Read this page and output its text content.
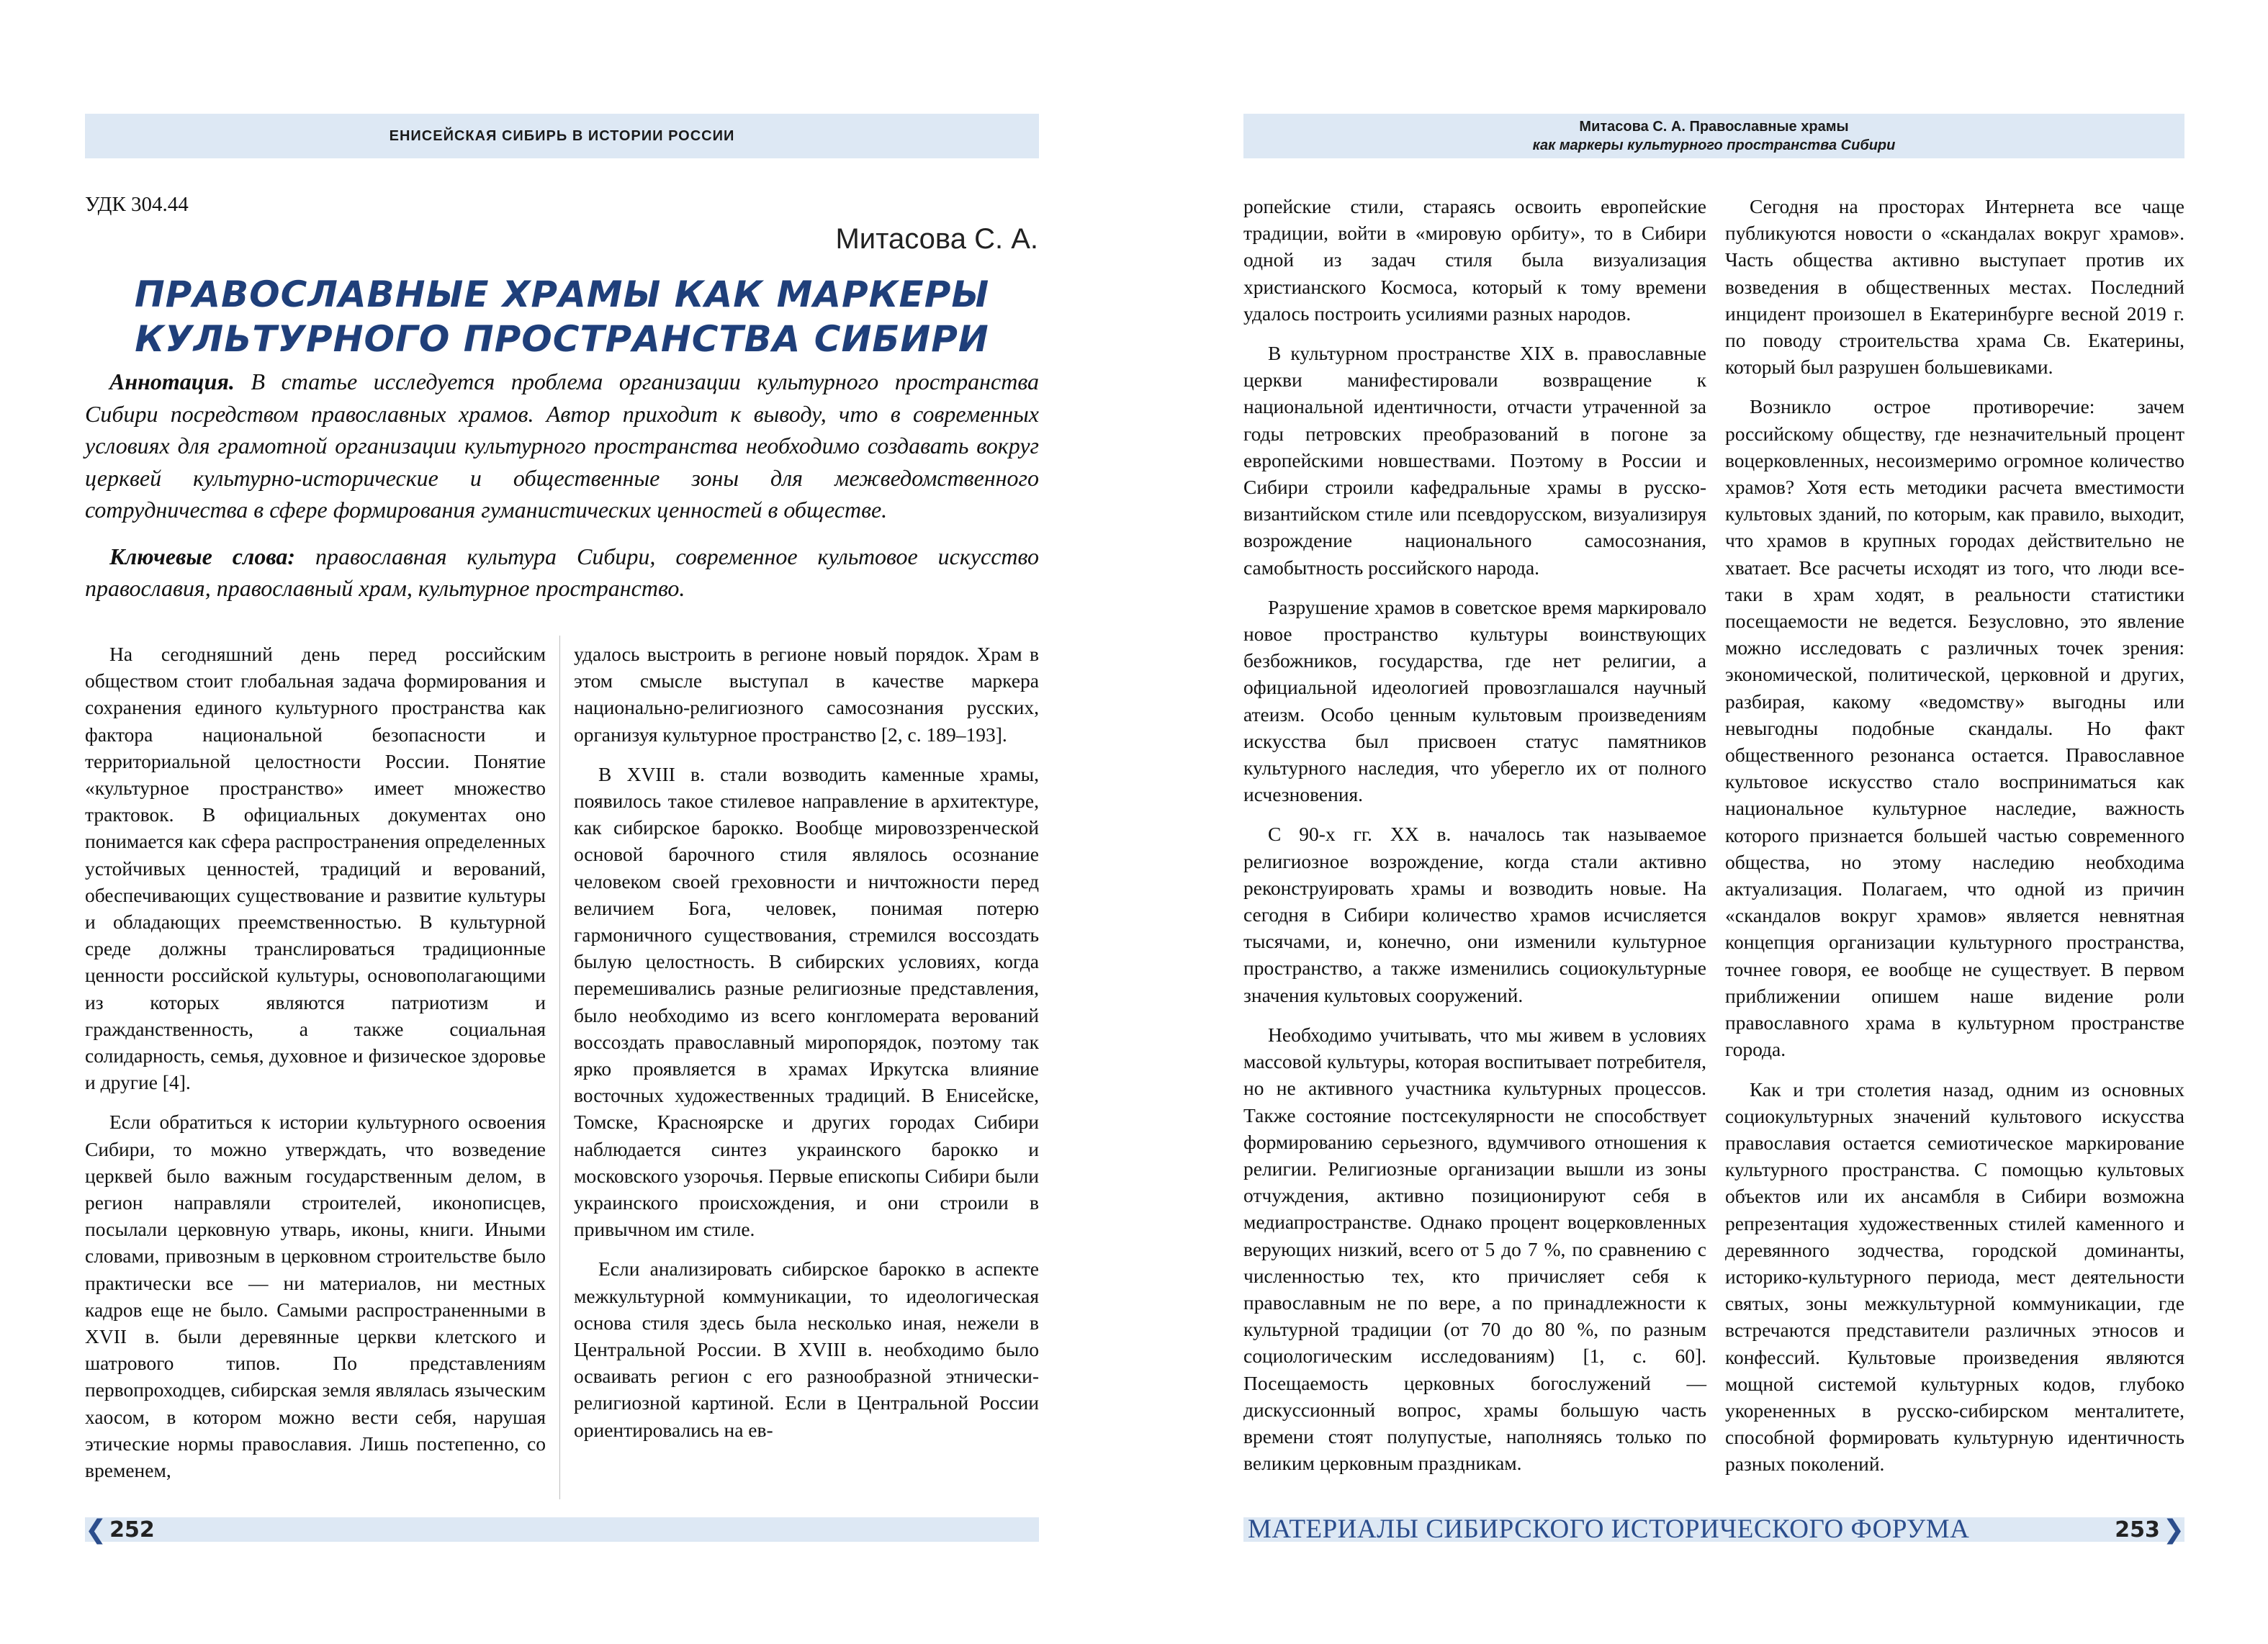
ЕНИСЕЙСКАЯ СИБИРЬ В ИСТОРИИ РОССИИ
УДК 304.44
Митасова С. А.
ПРАВОСЛАВНЫЕ ХРАМЫ КАК МАРКЕРЫ
КУЛЬТУРНОГО ПРОСТРАНСТВА СИБИРИ

Аннотация. В статье исследуется проблема организации культурного пространства Сибири посредством православных храмов. Автор приходит к выводу, что в современных условиях для грамотной организации культурного пространства необходимо создавать вокруг церквей культурно-исторические и общественные зоны для межведомственного сотрудничества в сфере формирования гуманистических ценностей в обществе.

Ключевые слова: православная культура Сибири, современное культовое искусство православия, православный храм, культурное пространство.

На сегодняшний день перед российским обществом стоит глобальная задача формирования и сохранения единого культурного пространства как фактора национальной безопасности и территориальной целостности России. Понятие «культурное пространство» имеет множество трактовок. В официальных документах оно понимается как сфера распространения определенных устойчивых ценностей, традиций и верований, обеспечивающих существование и развитие культуры и обладающих преемственностью. В культурной среде должны транслироваться традиционные ценности российской культуры, основополагающими из которых являются патриотизм и гражданственность, а также социальная солидарность, семья, духовное и физическое здоровье и другие [4].

Если обратиться к истории культурного освоения Сибири, то можно утверждать, что возведение церквей было важным государственным делом, в регион направляли строителей, иконописцев, посылали церковную утварь, иконы, книги. Иными словами, привозным в церковном строительстве было практически все — ни материалов, ни местных кадров еще не было. Самыми распространенными в XVII в. были деревянные церкви клетского и шатрового типов. По представлениям первопроходцев, сибирская земля являлась языческим хаосом, в котором можно вести себя, нарушая этические нормы православия. Лишь постепенно, со временем,

удалось выстроить в регионе новый порядок. Храм в этом смысле выступал в качестве маркера национально-религиозного самосознания русских, организуя культурное пространство [2, с. 189–193].

В XVIII в. стали возводить каменные храмы, появилось такое стилевое направление в архитектуре, как сибирское барокко. Вообще мировоззренческой основой барочного стиля являлось осознание человеком своей греховности и ничтожности перед величием Бога, человек, понимая потерю гармоничного существования, стремился воссоздать былую целостность. В сибирских условиях, когда перемешивались разные религиозные представления, было необходимо из всего конгломерата верований воссоздать православный миропорядок, поэтому так ярко проявляется в храмах Иркутска влияние восточных художественных традиций. В Енисейске, Томске, Красноярске и других городах Сибири наблюдается синтез украинского барокко и московского узорочья. Первые епископы Сибири были украинского происхождения, и они строили в привычном им стиле.

Если анализировать сибирское барокко в аспекте межкультурной коммуникации, то идеологическая основа стиля здесь была несколько иная, нежели в Центральной России. В XVIII в. необходимо было осваивать регион с его разнообразной этнически-религиозной картиной. Если в Центральной России ориентировались на ев-

❮ 252
Митасова С. А. Православные храмы
как маркеры культурного пространства Сибири

ропейские стили, стараясь освоить европейские традиции, войти в «мировую орбиту», то в Сибири одной из задач стиля была визуализация христианского Космоса, который к тому времени удалось построить усилиями разных народов.

В культурном пространстве XIX в. православные церкви манифестировали возвращение к национальной идентичности, отчасти утраченной за годы петровских преобразований в погоне за европейскими новшествами. Поэтому в России и Сибири строили кафедральные храмы в русско-византийском стиле или псевдорусском, визуализируя возрождение национального самосознания, самобытность российского народа.

Разрушение храмов в советское время маркировало новое пространство культуры воинствующих безбожников, государства, где нет религии, а официальной идеологией провозглашался научный атеизм. Особо ценным культовым произведениям искусства был присвоен статус памятников культурного наследия, что уберегло их от полного исчезновения.

С 90-х гг. XX в. началось так называемое религиозное возрождение, когда стали активно реконструировать храмы и возводить новые. На сегодня в Сибири количество храмов исчисляется тысячами, и, конечно, они изменили культурное пространство, а также изменились социокультурные значения культовых сооружений.

Необходимо учитывать, что мы живем в условиях массовой культуры, которая воспитывает потребителя, но не активного участника культурных процессов. Также состояние постсекулярности не способствует формированию серьезного, вдумчивого отношения к религии. Религиозные организации вышли из зоны отчуждения, активно позиционируют себя в медиапространстве. Однако процент воцерковленных верующих низкий, всего от 5 до 7 %, по сравнению с численностью тех, кто причисляет себя к православным не по вере, а по принадлежности к культурной традиции (от 70 до 80 %, по разным социологическим исследованиям) [1, с. 60]. Посещаемость церковных богослужений — дискуссионный вопрос, храмы большую часть времени стоят полупустые, наполняясь только по великим церковным праздникам.

Сегодня на просторах Интернета все чаще публикуются новости о «скандалах вокруг храмов». Часть общества активно выступает против их возведения в общественных местах. Последний инцидент произошел в Екатеринбурге весной 2019 г. по поводу строительства храма Св. Екатерины, который был разрушен большевиками.

Возникло острое противоречие: зачем российскому обществу, где незначительный процент воцерковленных, несоизмеримо огромное количество храмов? Хотя есть методики расчета вместимости культовых зданий, по которым, как правило, выходит, что храмов в крупных городах действительно не хватает. Все расчеты исходят из того, что люди все-таки в храм ходят, в реальности статистики посещаемости не ведется. Безусловно, это явление можно исследовать с различных точек зрения: экономической, политической, церковной и других, разбирая, какому «ведомству» выгодны или невыгодны подобные скандалы. Но факт общественного резонанса остается. Православное культовое искусство стало восприниматься как национальное культурное наследие, важность которого признается большей частью современного общества, но этому наследию необходима актуализация. Полагаем, что одной из причин «скандалов вокруг храмов» является невнятная концепция организации культурного пространства, точнее говоря, ее вообще не существует. В первом приближении опишем наше видение роли православного храма в культурном пространстве города.

Как и три столетия назад, одним из основных социокультурных значений культового искусства православия остается семиотическое маркирование культурного пространства. С помощью культовых объектов или их ансамбля в Сибири возможна репрезентация художественных стилей каменного и деревянного зодчества, городской доминанты, историко-культурного периода, мест деятельности святых, зоны межкультурной коммуникации, где встречаются представители различных этносов и конфессий. Культовые произведения являются мощной системой культурных кодов, глубоко укорененных в русско-сибирском менталитете, способной формировать культурную идентичность разных поколений.

МАТЕРИАЛЫ СИБИРСКОГО ИСТОРИЧЕСКОГО ФОРУМА	253 ❯
